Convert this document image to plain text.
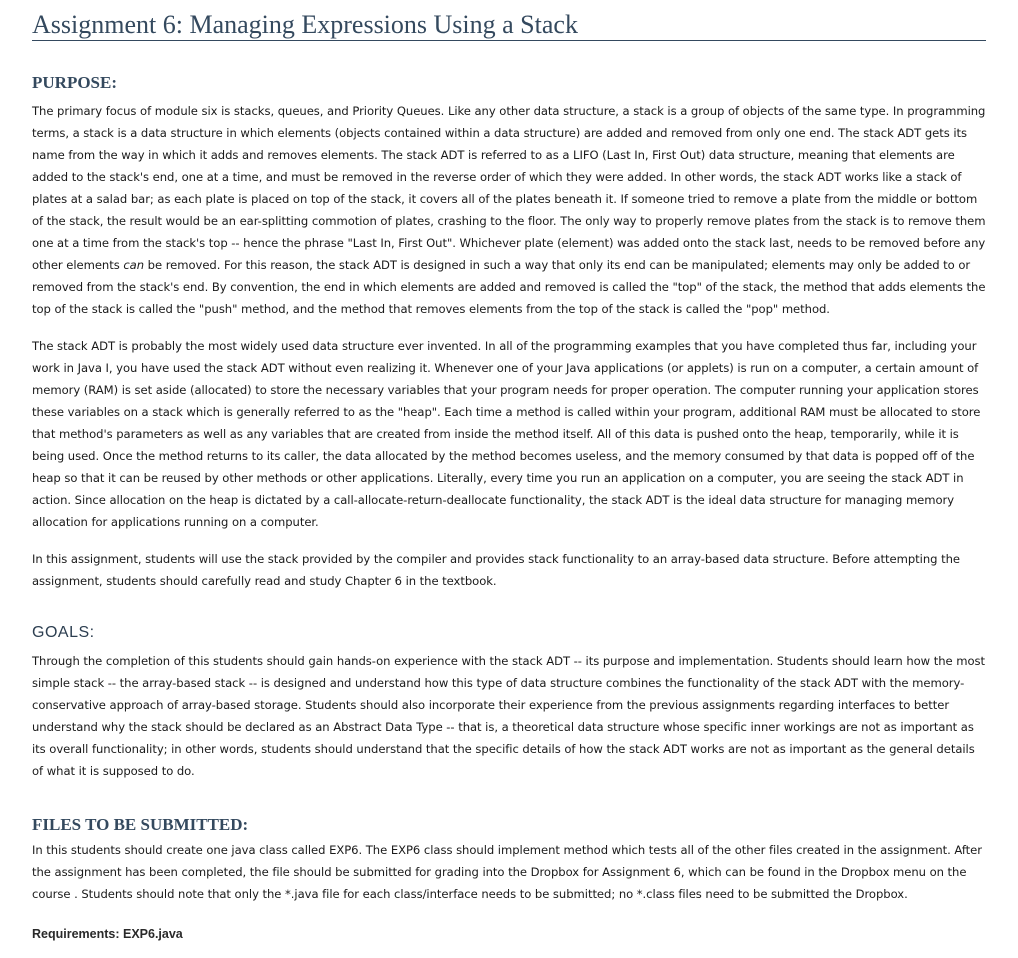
Assignment 6: Managing Expressions Using a Stack
PURPOSE:

The primary focus of module six is stacks, queues, and Priority Queues. Like any other data structure, a stack is a group of objects of the same type. In programming terms, a stack is a data structure in which elements (objects contained within a data structure) are added and removed from only one end. The stack ADT gets its name from the way in which it adds and removes elements. The stack ADT is referred to as a LIFO (Last In, First Out) data structure, meaning that elements are added to the stack's end, one at a time, and must be removed in the reverse order of which they were added. In other words, the stack ADT works like a stack of plates at a salad bar; as each plate is placed on top of the stack, it covers all of the plates beneath it. If someone tried to remove a plate from the middle or bottom of the stack, the result would be an ear-splitting commotion of plates, crashing to the floor. The only way to properly remove plates from the stack is to remove them one at a time from the stack's top -- hence the phrase "Last In, First Out". Whichever plate (element) was added onto the stack last, needs to be removed before any other elements can be removed. For this reason, the stack ADT is designed in such a way that only its end can be manipulated; elements may only be added to or removed from the stack's end. By convention, the end in which elements are added and removed is called the "top" of the stack, the method that adds elements the top of the stack is called the "push" method, and the method that removes elements from the top of the stack is called the "pop" method.

The stack ADT is probably the most widely used data structure ever invented. In all of the programming examples that you have completed thus far, including your work in Java I, you have used the stack ADT without even realizing it. Whenever one of your Java applications (or applets) is run on a computer, a certain amount of memory (RAM) is set aside (allocated) to store the necessary variables that your program needs for proper operation. The computer running your application stores these variables on a stack which is generally referred to as the "heap". Each time a method is called within your program, additional RAM must be allocated to store that method's parameters as well as any variables that are created from inside the method itself. All of this data is pushed onto the heap, temporarily, while it is being used. Once the method returns to its caller, the data allocated by the method becomes useless, and the memory consumed by that data is popped off of the heap so that it can be reused by other methods or other applications. Literally, every time you run an application on a computer, you are seeing the stack ADT in action. Since allocation on the heap is dictated by a call-allocate-return-deallocate functionality, the stack ADT is the ideal data structure for managing memory allocation for applications running on a computer.

In this assignment, students will use the stack provided by the compiler and provides stack functionality to an array-based data structure. Before attempting the assignment, students should carefully read and study Chapter 6 in the textbook.

GOALS:

Through the completion of this students should gain hands-on experience with the stack ADT -- its purpose and implementation. Students should learn how the most simple stack -- the array-based stack -- is designed and understand how this type of data structure combines the functionality of the stack ADT with the memory-conservative approach of array-based storage. Students should also incorporate their experience from the previous assignments regarding interfaces to better understand why the stack should be declared as an Abstract Data Type -- that is, a theoretical data structure whose specific inner workings are not as important as its overall functionality; in other words, students should understand that the specific details of how the stack ADT works are not as important as the general details of what it is supposed to do.

FILES TO BE SUBMITTED:

In this students should create one java class called EXP6. The EXP6 class should implement method which tests all of the other files created in the assignment. After the assignment has been completed, the file should be submitted for grading into the Dropbox for Assignment 6, which can be found in the Dropbox menu on the course . Students should note that only the *.java file for each class/interface needs to be submitted; no *.class files need to be submitted the Dropbox.

Requirements: EXP6.java
